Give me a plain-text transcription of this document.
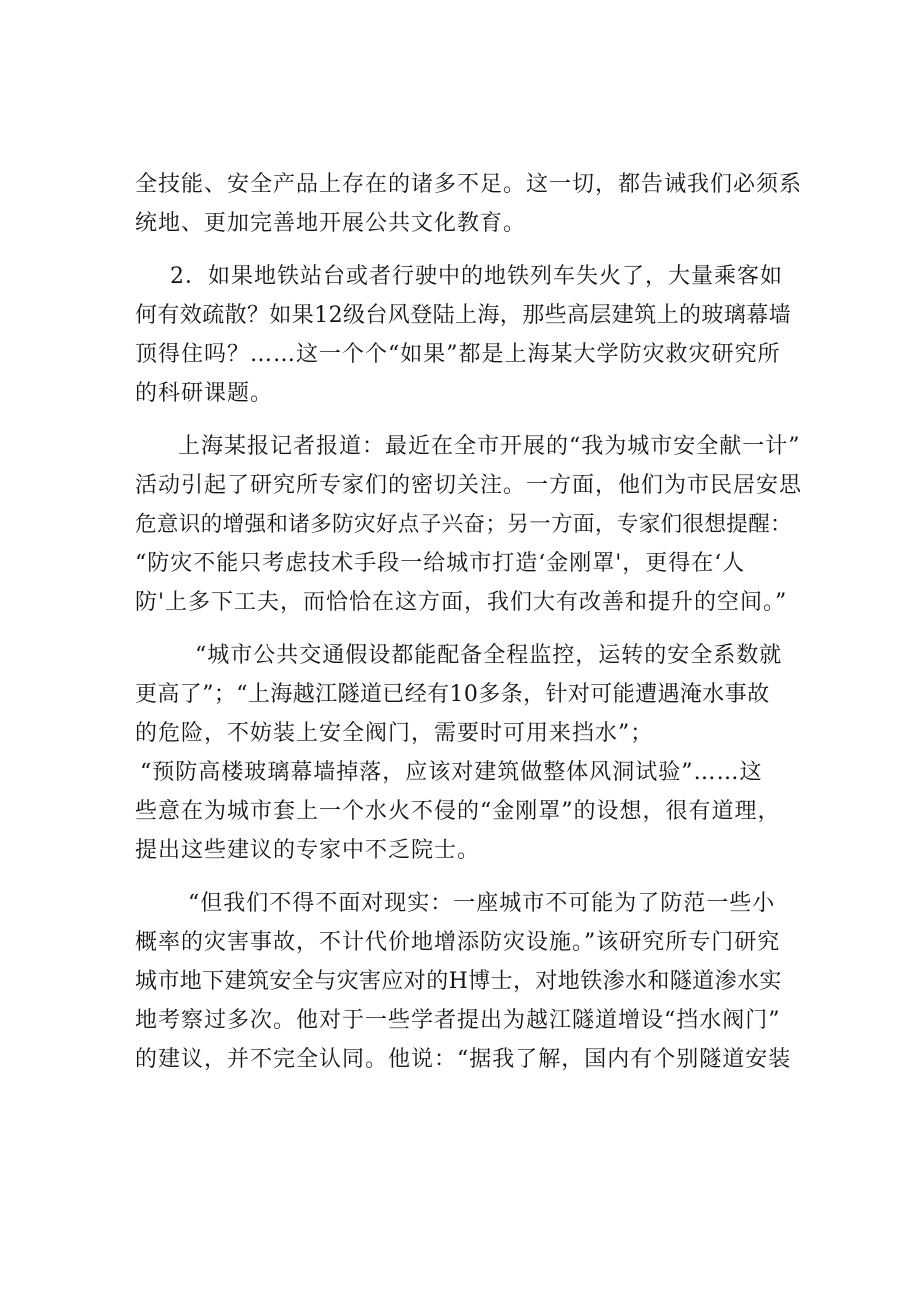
全技能、安全产品上存在的诸多不足。这一切，都告诫我们必须系

统地、更加完善地开展公共文化教育。

2．如果地铁站台或者行驶中的地铁列车失火了，大量乘客如

何有效疏散？如果12级台风登陆上海，那些高层建筑上的玻璃幕墙

顶得住吗？……这一个个“如果”都是上海某大学防灾救灾研究所

的科研课题。

上海某报记者报道：最近在全市开展的“我为城市安全献一计”

活动引起了研究所专家们的密切关注。一方面，他们为市民居安思

危意识的增强和诸多防灾好点子兴奋；另一方面，专家们很想提醒：

“防灾不能只考虑技术手段一给城市打造‘金刚罩'，更得在‘人

防'上多下工夫，而恰恰在这方面，我们大有改善和提升的空间。”

“城市公共交通假设都能配备全程监控，运转的安全系数就

更高了”；“上海越江隧道已经有10多条，针对可能遭遇淹水事故

的危险，不妨装上安全阀门，需要时可用来挡水”；

“预防高楼玻璃幕墙掉落，应该对建筑做整体风洞试验”……这

些意在为城市套上一个水火不侵的“金刚罩”的设想，很有道理，

提出这些建议的专家中不乏院士。

“但我们不得不面对现实：一座城市不可能为了防范一些小

概率的灾害事故，不计代价地增添防灾设施。”该研究所专门研究

城市地下建筑安全与灾害应对的H博士，对地铁渗水和隧道渗水实

地考察过多次。他对于一些学者提出为越江隧道增设“挡水阀门”

的建议，并不完全认同。他说：“据我了解，国内有个别隧道安装
